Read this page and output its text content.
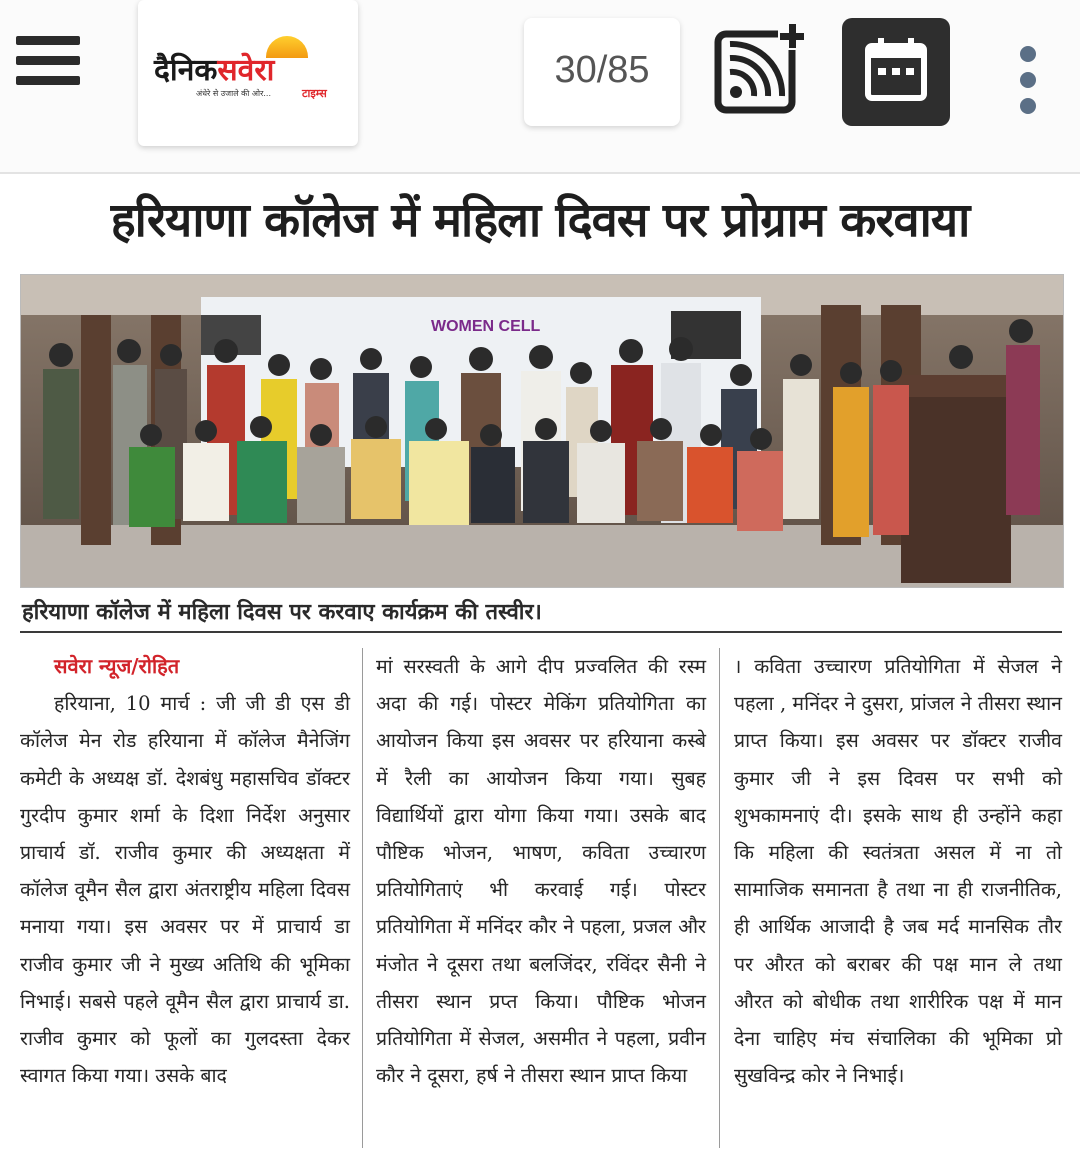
दैनिकसवेरा
अंधेरे से उजाले की ओर...	टाइम्स
30/85
हरियाणा कॉलेज में महिला दिवस पर प्रोग्राम करवाया
WOMEN CELL
हरियाणा कॉलेज में महिला दिवस पर करवाए कार्यक्रम की तस्वीर।
सवेरा न्यूज/रोहित
हरियाना, 10 मार्च : जी जी डी एस डी कॉलेज मेन रोड हरियाना में कॉलेज मैनेजिंग कमेटी के अध्यक्ष डॉ. देशबंधु महासचिव डॉक्टर गुरदीप कुमार शर्मा के दिशा निर्देश अनुसार प्राचार्य डॉ. राजीव कुमार की अध्यक्षता में कॉलेज वूमैन सैल द्वारा अंतराष्ट्रीय महिला दिवस मनाया गया। इस अवसर पर में प्राचार्य डा राजीव कुमार जी ने मुख्य अतिथि की भूमिका निभाई। सबसे पहले वूमैन सैल द्वारा प्राचार्य डा. राजीव कुमार को फूलों का गुलदस्ता देकर स्वागत किया गया। उसके बाद
मां सरस्वती के आगे दीप प्रज्वलित की रस्म अदा की गई। पोस्टर मेकिंग प्रतियोगिता का आयोजन किया इस अवसर पर हरियाना कस्बे में रैली का आयोजन किया गया। सुबह विद्यार्थियों द्वारा योगा किया गया। उसके बाद पौष्टिक भोजन, भाषण, कविता उच्चारण प्रतियोगिताएं भी करवाई गई। पोस्टर प्रतियोगिता में मनिंदर कौर ने पहला, प्रजल और मंजोत ने दूसरा तथा बलजिंदर, रविंदर सैनी ने तीसरा स्थान प्रप्त किया। पौष्टिक भोजन प्रतियोगिता में सेजल, असमीत ने पहला, प्रवीन कौर ने दूसरा, हर्ष ने तीसरा स्थान प्राप्त किया
। कविता उच्चारण प्रतियोगिता में सेजल ने पहला , मनिंदर ने दुसरा, प्रांजल ने तीसरा स्थान प्राप्त किया। इस अवसर पर डॉक्टर राजीव कुमार जी ने इस दिवस पर सभी को शुभकामनाएं दी। इसके साथ ही उन्होंने कहा कि महिला की स्वतंत्रता असल में ना तो सामाजिक समानता है तथा ना ही राजनीतिक, ही आर्थिक आजादी है जब मर्द मानसिक तौर पर औरत को बराबर की पक्ष मान ले तथा औरत को बोधीक तथा शारीरिक पक्ष में मान देना चाहिए मंच संचालिका की भूमिका प्रो सुखविन्द्र कोर ने निभाई।
